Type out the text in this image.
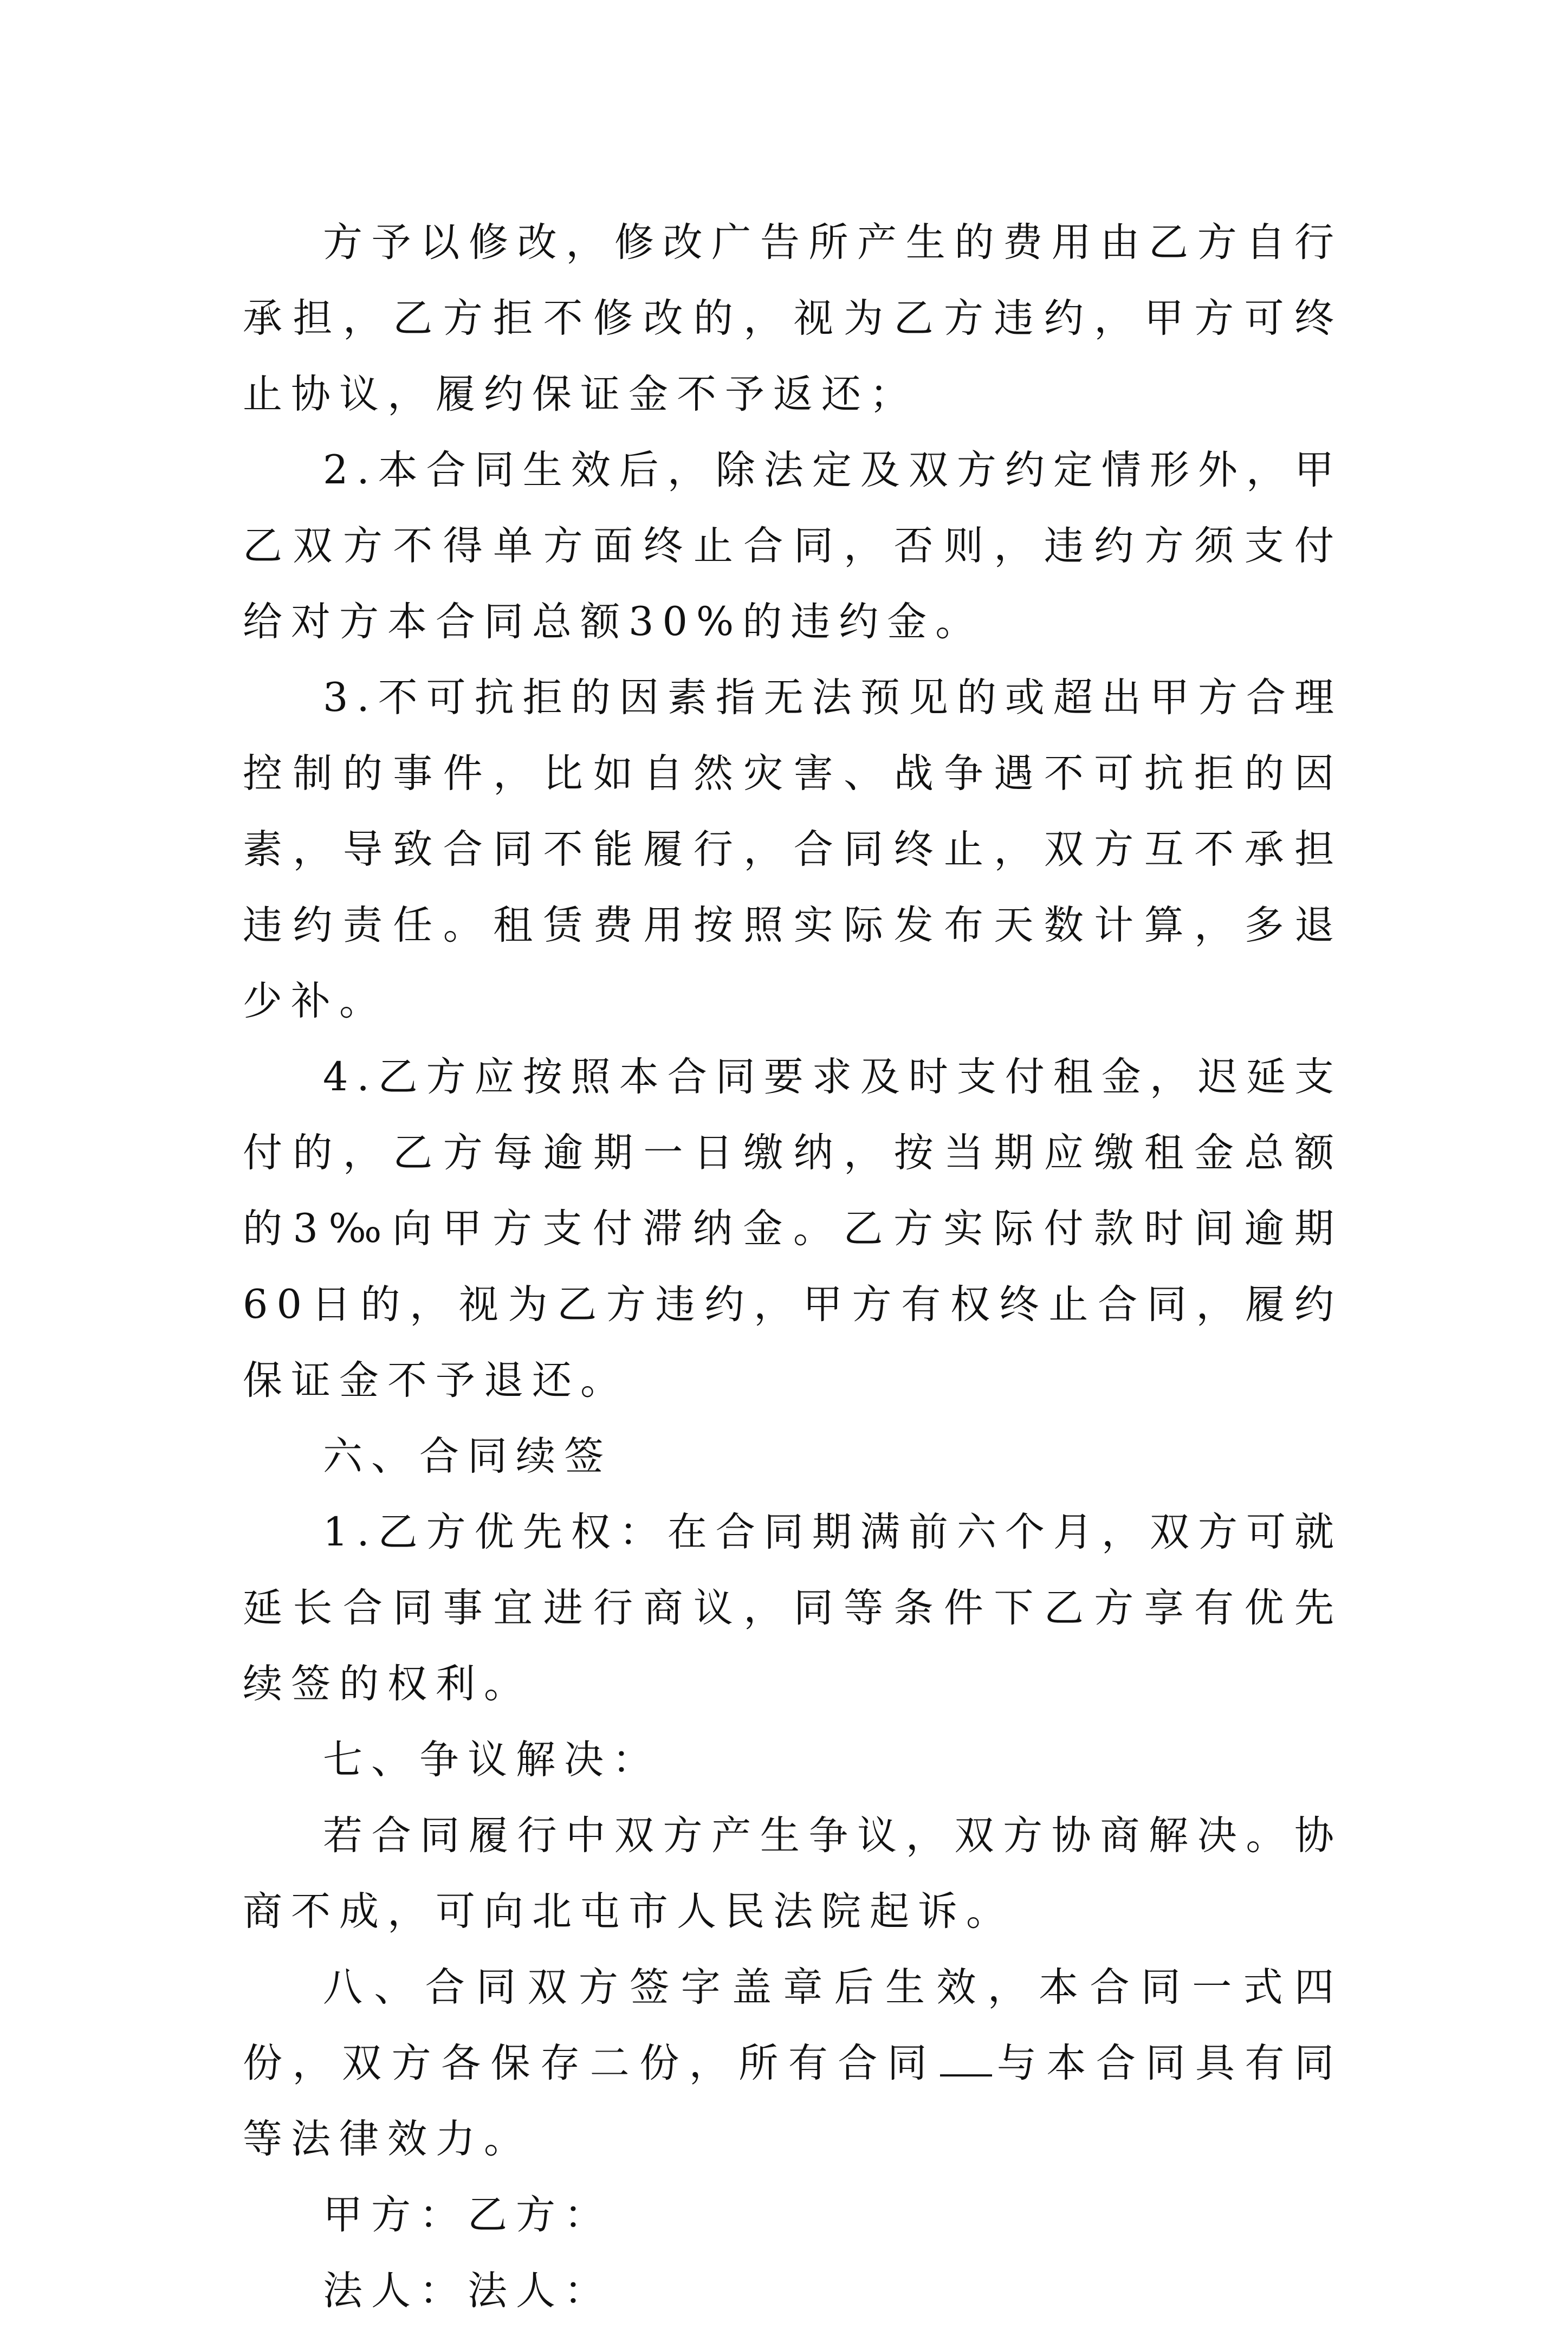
方予以修改，修改广告所产生的费用由乙方自行承担，乙方拒不修改的，视为乙方违约，甲方可终止协议，履约保证金不予返还；

2.本合同生效后，除法定及双方约定情形外，甲乙双方不得单方面终止合同，否则，违约方须支付给对方本合同总额30%的违约金。

3.不可抗拒的因素指无法预见的或超出甲方合理控制的事件，比如自然灾害、战争遇不可抗拒的因素，导致合同不能履行，合同终止，双方互不承担违约责任。租赁费用按照实际发布天数计算，多退少补。

4.乙方应按照本合同要求及时支付租金，迟延支付的，乙方每逾期一日缴纳，按当期应缴租金总额的3‰向甲方支付滞纳金。乙方实际付款时间逾期60日的，视为乙方违约，甲方有权终止合同，履约保证金不予退还。

六、合同续签

1.乙方优先权：在合同期满前六个月，双方可就延长合同事宜进行商议，同等条件下乙方享有优先续签的权利。

七、争议解决：

若合同履行中双方产生争议，双方协商解决。协商不成，可向北屯市人民法院起诉。

八、合同双方签字盖章后生效，本合同一式四份，双方各保存二份，所有合同 与本合同具有同等法律效力。

甲方：乙方：

法人：法人：
